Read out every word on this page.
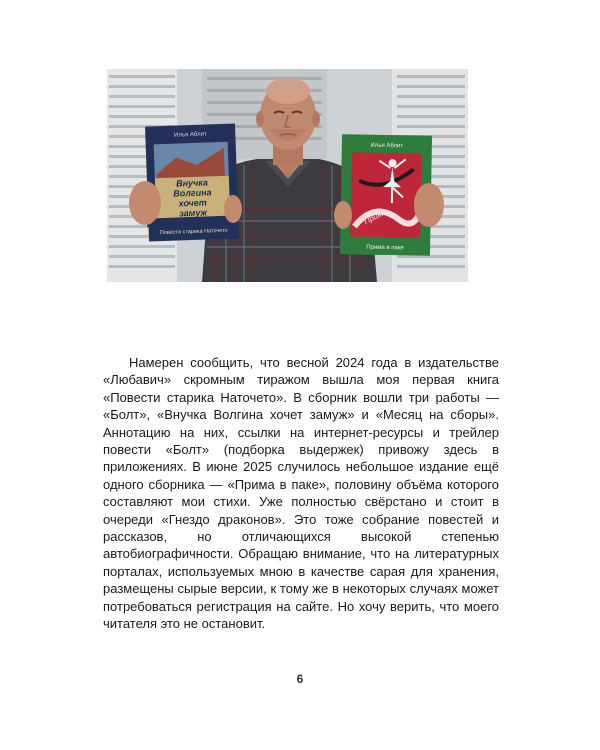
Илья Аблит
Внучка
Волгина
хочет
замуж
Повести старика Наточето
Илья Аблит
Прима
Прима в паке

Намерен сообщить, что весной 2024 года в издательстве «Любавич» скромным тиражом вышла моя первая книга «Повести старика Наточето». В сборник вошли три работы — «Болт», «Внучка Волгина хочет замуж» и «Месяц на сборы». Аннотацию на них, ссылки на интернет-ресурсы и трейлер повести «Болт» (подборка выдержек) привожу здесь в приложениях. В июне 2025 случилось небольшое издание ещё одного сборника — «Прима в паке», половину объёма которого составляют мои стихи. Уже полностью свёрстано и стоит в очереди «Гнездо драконов». Это тоже собрание повестей и рассказов, но отличающихся высокой степенью автобиографичности. Обращаю внимание, что на литературных порталах, используемых мною в качестве сарая для хранения, размещены сырые версии, к тому же в некоторых случаях может потребоваться регистрация на сайте. Но хочу верить, что моего читателя это не остановит.

6
